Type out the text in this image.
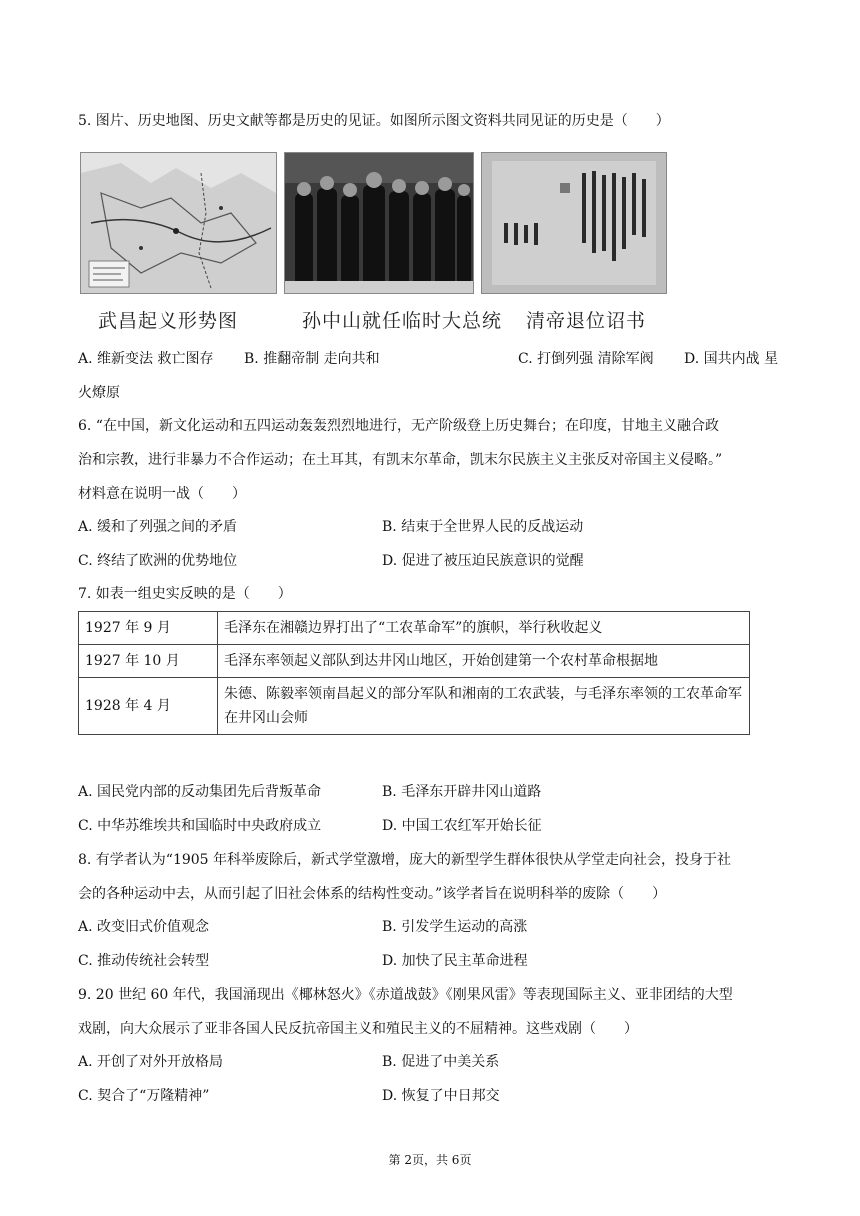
5. 图片、历史地图、历史文献等都是历史的见证。如图所示图文资料共同见证的历史是（　　）
武昌起义形势图	孙中山就任临时大总统 清帝退位诏书
A. 维新变法 救亡图存 B. 推翻帝制 走向共和	C. 打倒列强 清除军阀 D. 国共内战 星
火燎原
6. “在中国，新文化运动和五四运动轰轰烈烈地进行，无产阶级登上历史舞台；在印度，甘地主义融合政
治和宗教，进行非暴力不合作运动；在土耳其，有凯末尔革命，凯末尔民族主义主张反对帝国主义侵略。”
材料意在说明一战（　　）
A. 缓和了列强之间的矛盾	B. 结束于全世界人民的反战运动
C. 终结了欧洲的优势地位	D. 促进了被压迫民族意识的觉醒
7. 如表一组史实反映的是（　　）
1927 年 9 月	毛泽东在湘赣边界打出了“工农革命军”的旗帜，举行秋收起义
1927 年 10 月	毛泽东率领起义部队到达井冈山地区，开始创建第一个农村革命根据地
1928 年 4 月	朱德、陈毅率领南昌起义的部分军队和湘南的工农武装，与毛泽东率领的工农革命军在井冈山会师
A. 国民党内部的反动集团先后背叛革命	B. 毛泽东开辟井冈山道路
C. 中华苏维埃共和国临时中央政府成立	D. 中国工农红军开始长征
8. 有学者认为“1905 年科举废除后，新式学堂激增，庞大的新型学生群体很快从学堂走向社会，投身于社
会的各种运动中去，从而引起了旧社会体系的结构性变动。”该学者旨在说明科举的废除（　　）
A. 改变旧式价值观念	B. 引发学生运动的高涨
C. 推动传统社会转型	D. 加快了民主革命进程
9. 20 世纪 60 年代，我国涌现出《椰林怒火》《赤道战鼓》《刚果风雷》等表现国际主义、亚非团结的大型
戏剧，向大众展示了亚非各国人民反抗帝国主义和殖民主义的不屈精神。这些戏剧（　　）
A. 开创了对外开放格局	B. 促进了中美关系
C. 契合了“万隆精神”	D. 恢复了中日邦交
第 2页，共 6页
